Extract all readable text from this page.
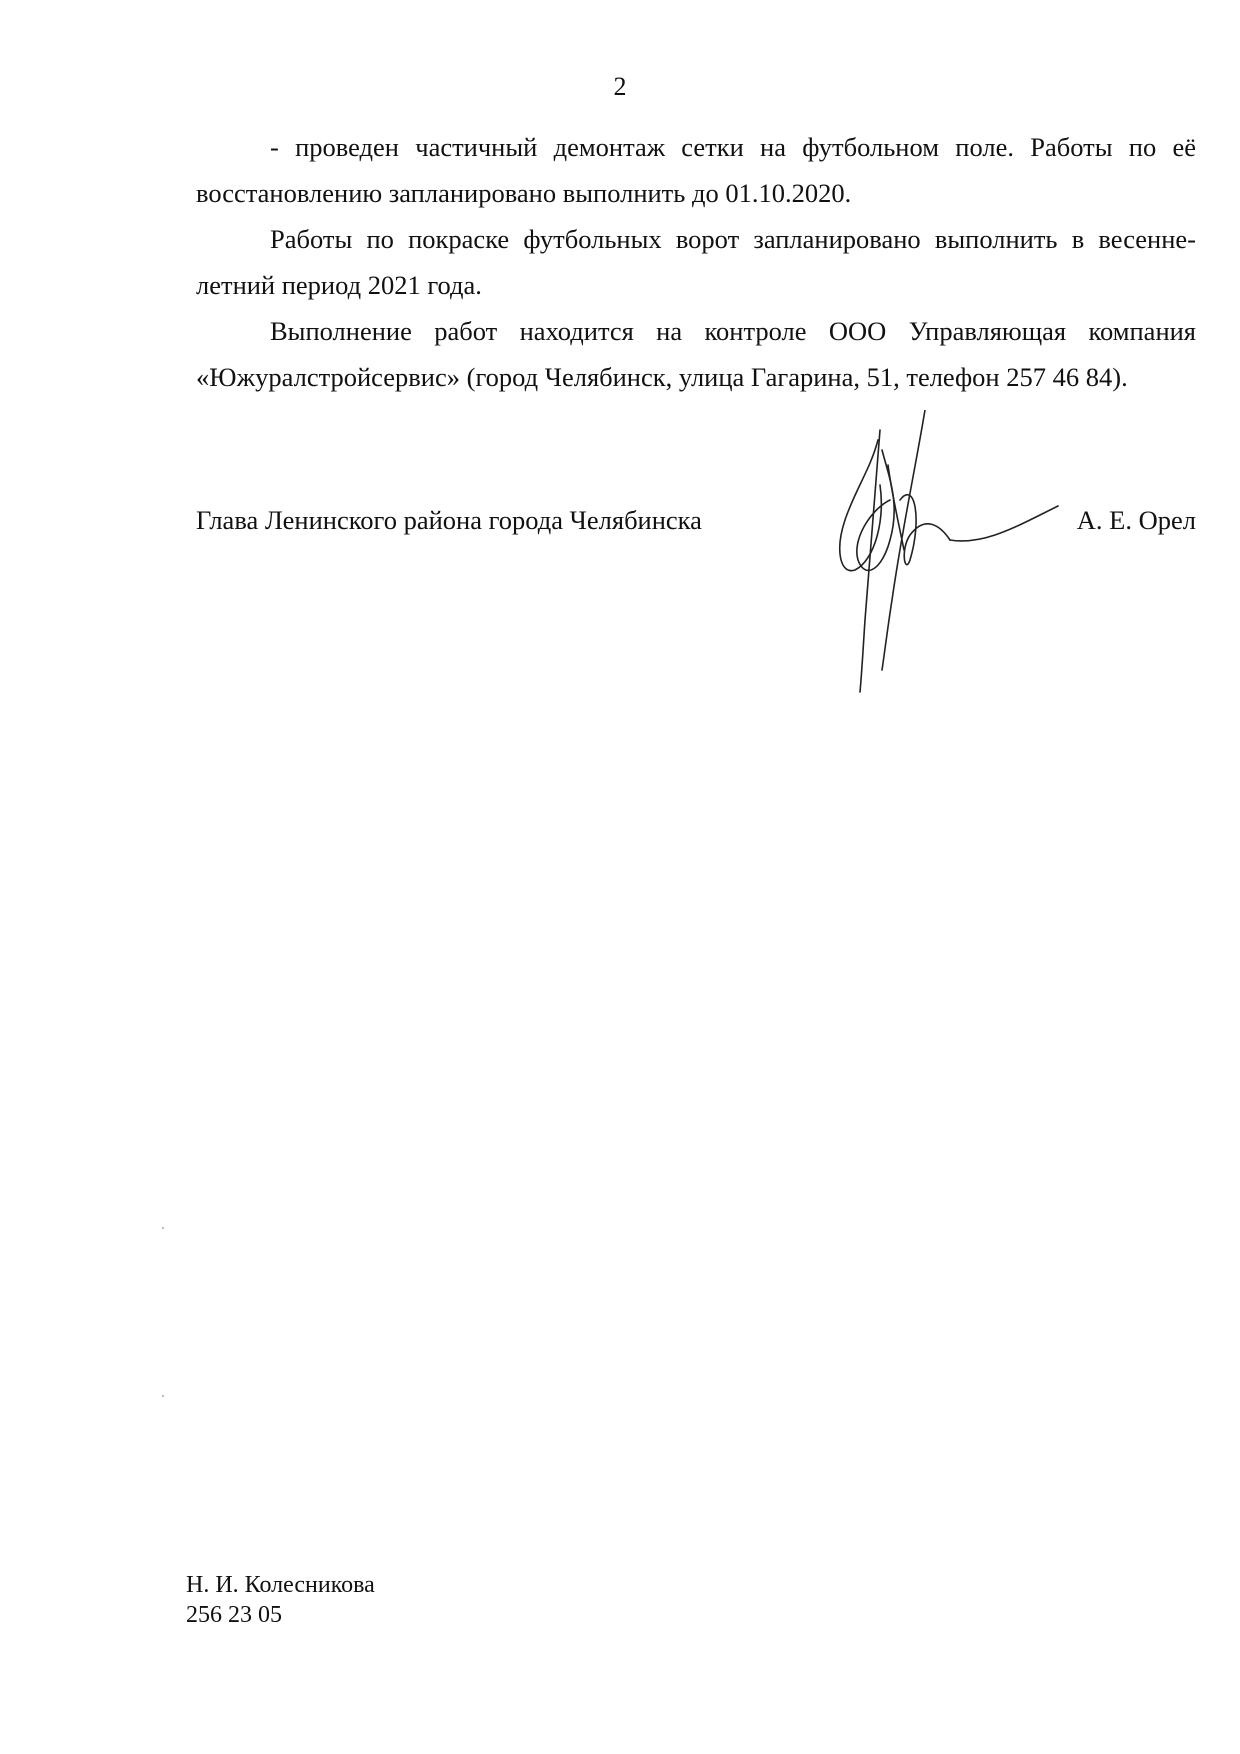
2

- проведен частичный демонтаж сетки на футбольном поле. Работы по её восстановлению запланировано выполнить до 01.10.2020.

Работы по покраске футбольных ворот запланировано выполнить в весенне-летний период 2021 года.

Выполнение работ находится на контроле ООО Управляющая компания «Южуралстройсервис» (город Челябинск, улица Гагарина, 51, телефон 257 46 84).

Глава Ленинского района города Челябинска	А. Е. Орел
Н. И. Колесникова
256 23 05
